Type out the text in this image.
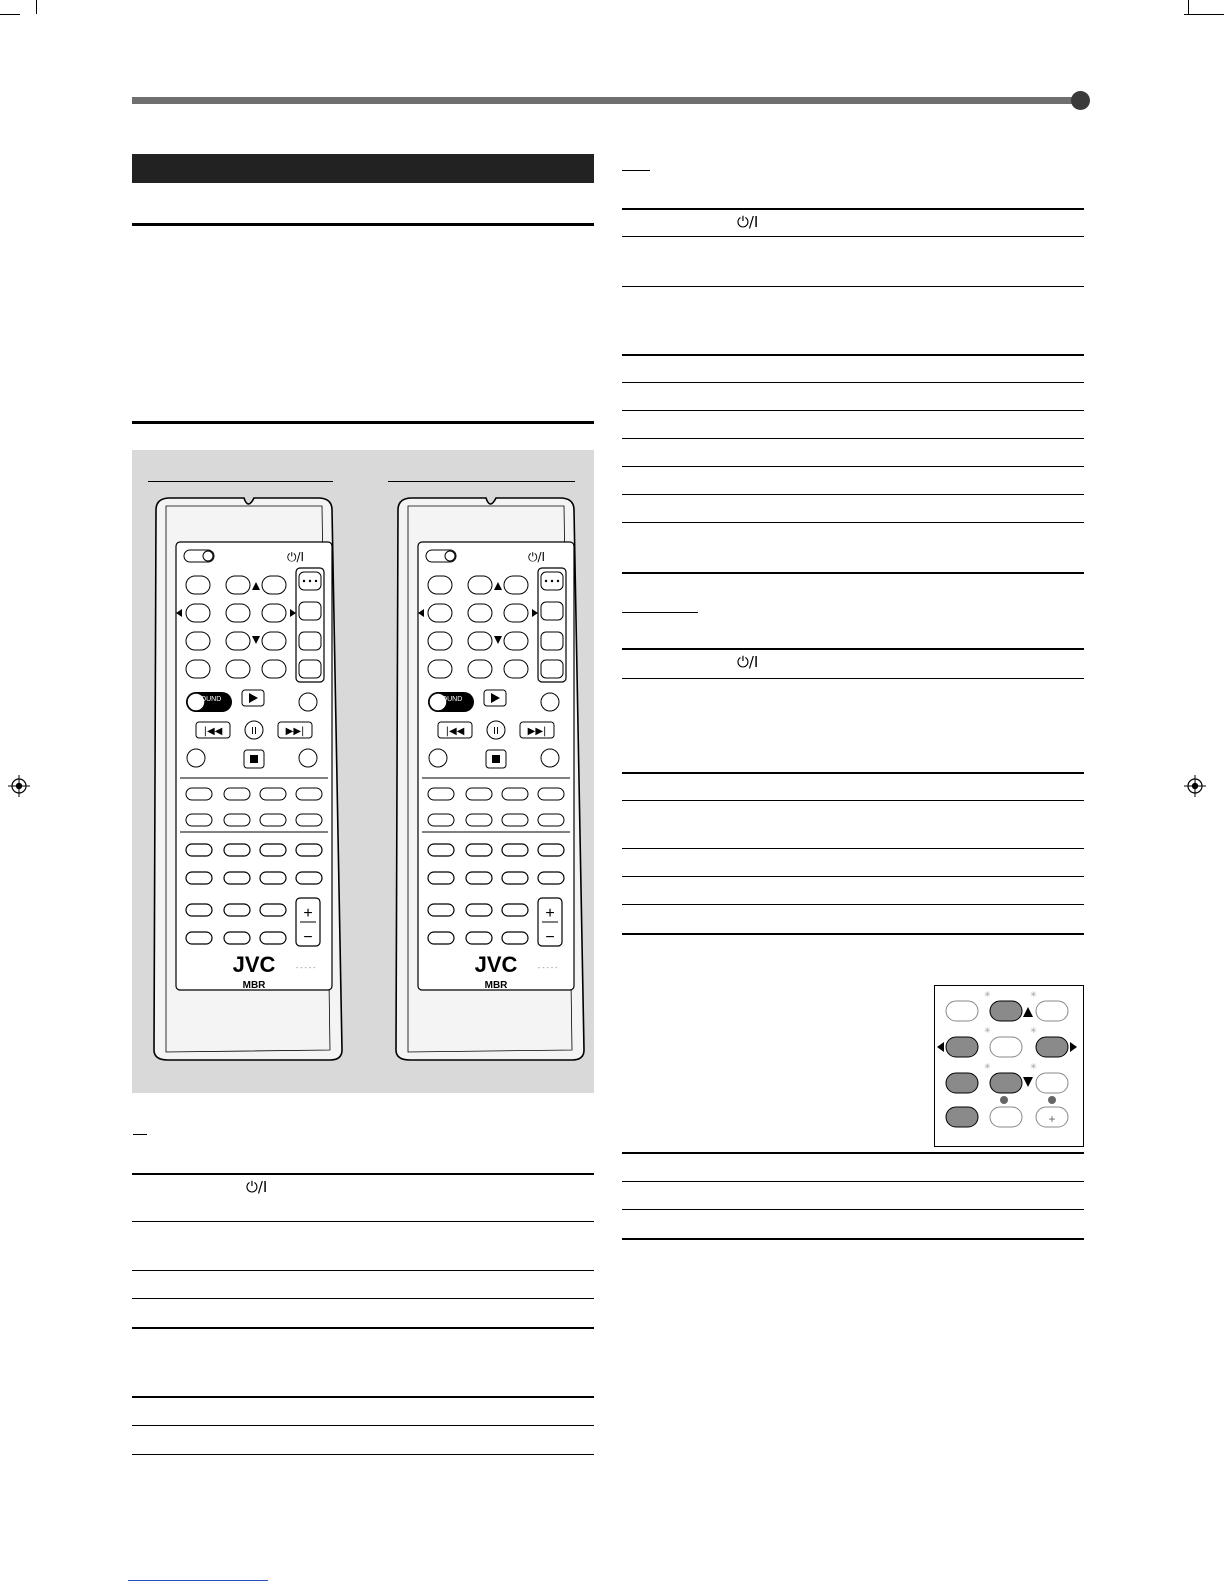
⏻/I
SOUND
⏻/I
SOUND
⏻/I
⏻/I
⏻/I
✳	✳
✳	✳
✳	✳
+
